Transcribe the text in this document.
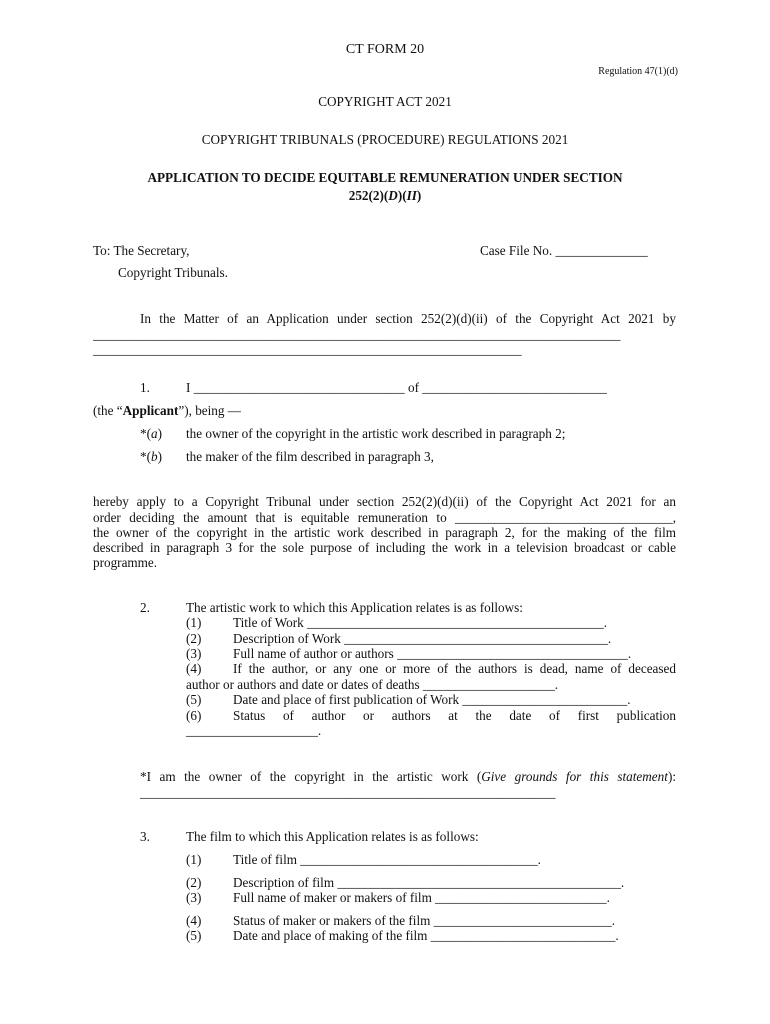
CT FORM 20
Regulation 47(1)(d)
COPYRIGHT ACT 2021
COPYRIGHT TRIBUNALS (PROCEDURE) REGULATIONS 2021
APPLICATION TO DECIDE EQUITABLE REMUNERATION UNDER SECTION
252(2)(D)(II)
To: The Secretary,	Case File No. ______________
Copyright Tribunals.
In the Matter of an Application under section 252(2)(d)(ii) of the Copyright Act 2021 by
________________________________________________________________________________
_________________________________________________________________
1.	I ________________________________ of ____________________________
(the “Applicant”), being —
*(a) the owner of the copyright in the artistic work described in paragraph 2;
*(b) the maker of the film described in paragraph 3,
hereby apply to a Copyright Tribunal under section 252(2)(d)(ii) of the Copyright Act 2021 for an
order deciding the amount that is equitable remuneration to _________________________________,
the owner of the copyright in the artistic work described in paragraph 2, for the making of the film
described in paragraph 3 for the sole purpose of including the work in a television broadcast or cable
programme.
2.	The artistic work to which this Application relates is as follows:
(1) Title of Work _____________________________________________.
(2) Description of Work ________________________________________.
(3) Full name of author or authors ___________________________________.
(4) If the author, or any one or more of the authors is dead, name of deceased
author or authors and date or dates of deaths ____________________.
(5) Date and place of first publication of Work _________________________.
(6) Status of author or authors at the date of first publication
____________________.
*I am the owner of the copyright in the artistic work (Give grounds for this statement):
_______________________________________________________________
3.	The film to which this Application relates is as follows:
(1) Title of film ____________________________________.
(2) Description of film ___________________________________________.
(3) Full name of maker or makers of film __________________________.
(4) Status of maker or makers of the film ___________________________.
(5) Date and place of making of the film ____________________________.
